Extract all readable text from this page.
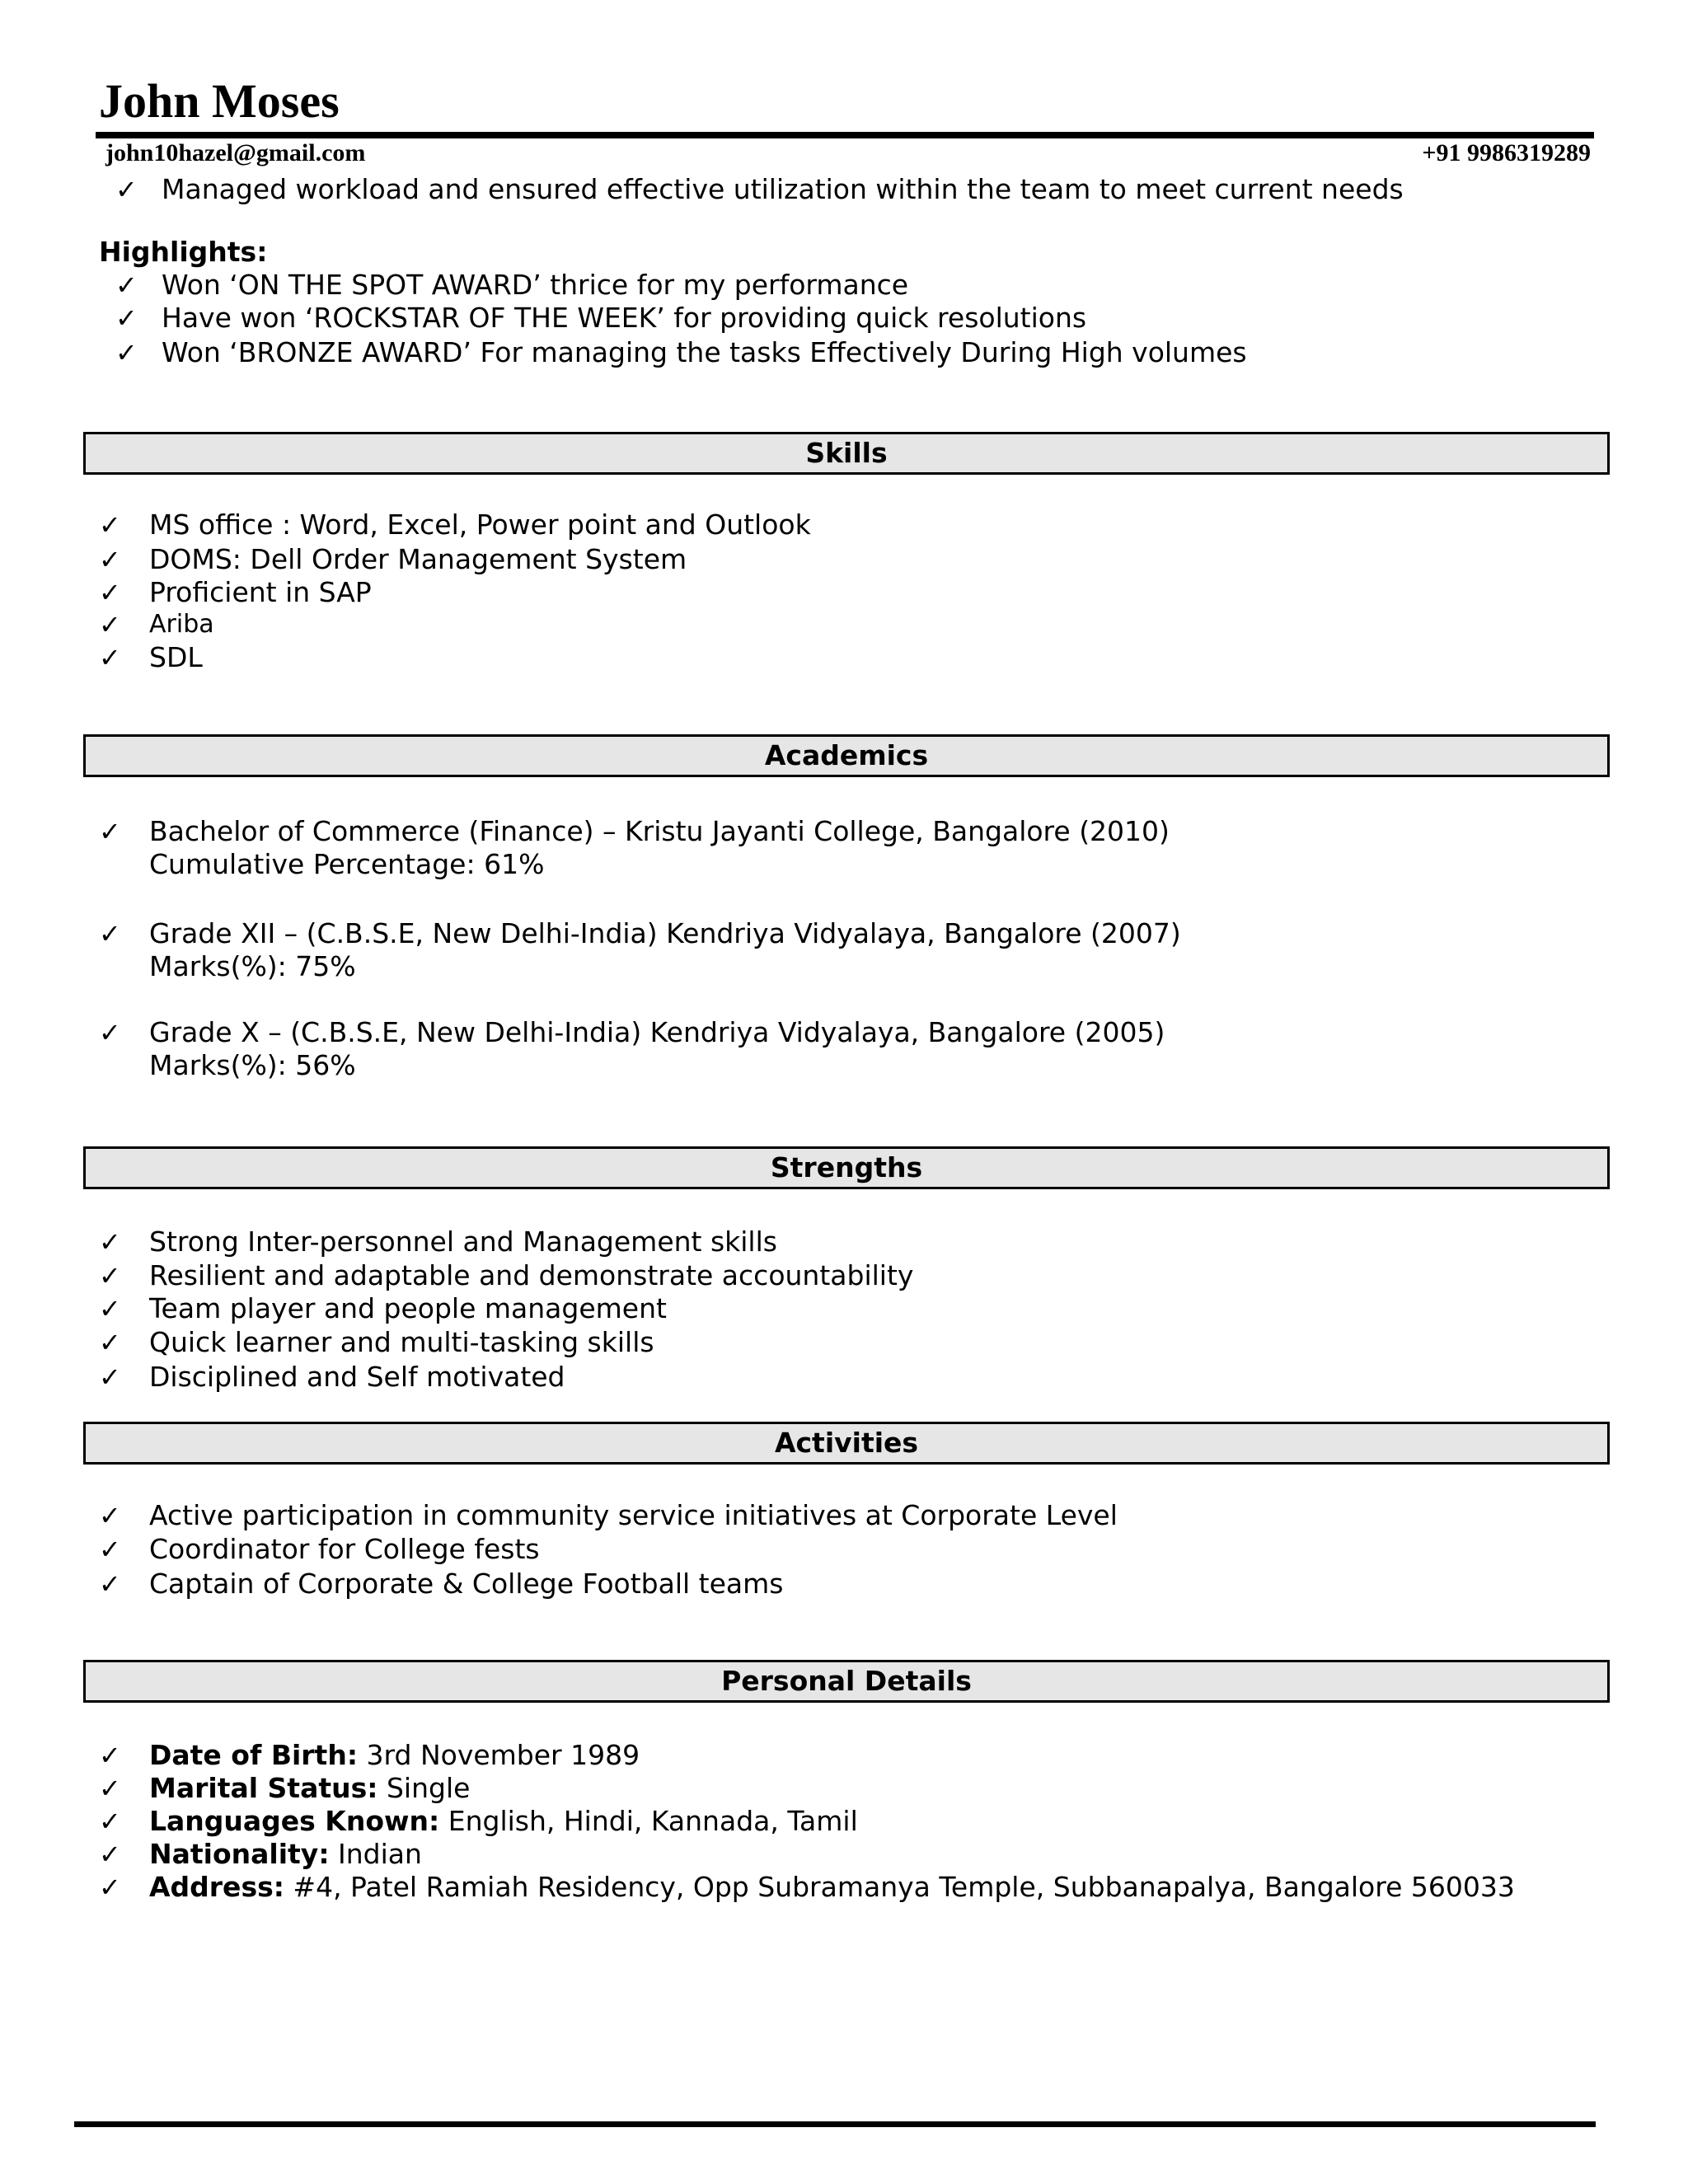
John Moses
john10hazel@gmail.com	+91 9986319289
✓ Managed workload and ensured effective utilization within the team to meet current needs
Highlights:
✓ Won ‘ON THE SPOT AWARD’ thrice for my performance
✓ Have won ‘ROCKSTAR OF THE WEEK’ for providing quick resolutions
✓ Won ‘BRONZE AWARD’ For managing the tasks Effectively During High volumes
Skills
✓ MS office : Word, Excel, Power point and Outlook
✓ DOMS: Dell Order Management System
✓ Proficient in SAP
✓ Ariba
✓ SDL
Academics
✓ Bachelor of Commerce (Finance) – Kristu Jayanti College, Bangalore (2010)
Cumulative Percentage: 61%
✓ Grade XII – (C.B.S.E, New Delhi-India) Kendriya Vidyalaya, Bangalore (2007)
Marks(%): 75%
✓ Grade X – (C.B.S.E, New Delhi-India) Kendriya Vidyalaya, Bangalore (2005)
Marks(%): 56%
Strengths
✓ Strong Inter-personnel and Management skills
✓ Resilient and adaptable and demonstrate accountability
✓ Team player and people management
✓ Quick learner and multi-tasking skills
✓ Disciplined and Self motivated
Activities
✓ Active participation in community service initiatives at Corporate Level
✓ Coordinator for College fests
✓ Captain of Corporate & College Football teams
Personal Details
✓ Date of Birth: 3rd November 1989
✓ Marital Status: Single
✓ Languages Known: English, Hindi, Kannada, Tamil
✓ Nationality: Indian
✓ Address: #4, Patel Ramiah Residency, Opp Subramanya Temple, Subbanapalya, Bangalore 560033
